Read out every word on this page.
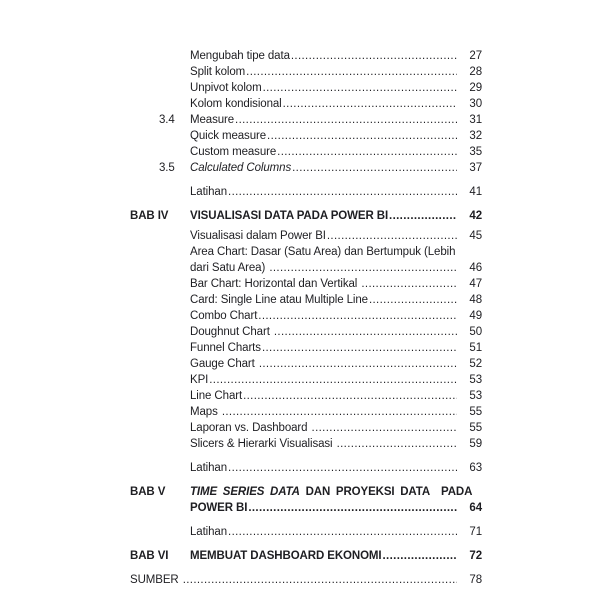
Mengubah tipe data .....	27
Split kolom .....	28
Unpivot kolom .....	29
Kolom kondisional .....	30
3.4	Measure .....	31
Quick measure .....	32
Custom measure .....	35
3.5	Calculated Columns .....	37
Latihan .....	41
BAB IV	VISUALISASI DATA PADA POWER BI .....	42
Visualisasi dalam Power BI .....	45
Area Chart: Dasar (Satu Area) dan Bertumpuk (Lebih
dari Satu Area) .....	46
Bar Chart: Horizontal dan Vertikal .....	47
Card: Single Line atau Multiple Line .....	48
Combo Chart .....	49
Doughnut Chart .....	50
Funnel Charts .....	51
Gauge Chart .....	52
KPI .....	53
Line Chart .....	53
Maps .....	55
Laporan vs. Dashboard .....	55
Slicers & Hierarki Visualisasi .....	59
Latihan .....	63
BAB V	TIME SERIES DATA DAN PROYEKSI DATA  PADA
POWER BI .....	64
Latihan .....	71
BAB VI	MEMBUAT DASHBOARD EKONOMI .....	72
SUMBER .....	78
